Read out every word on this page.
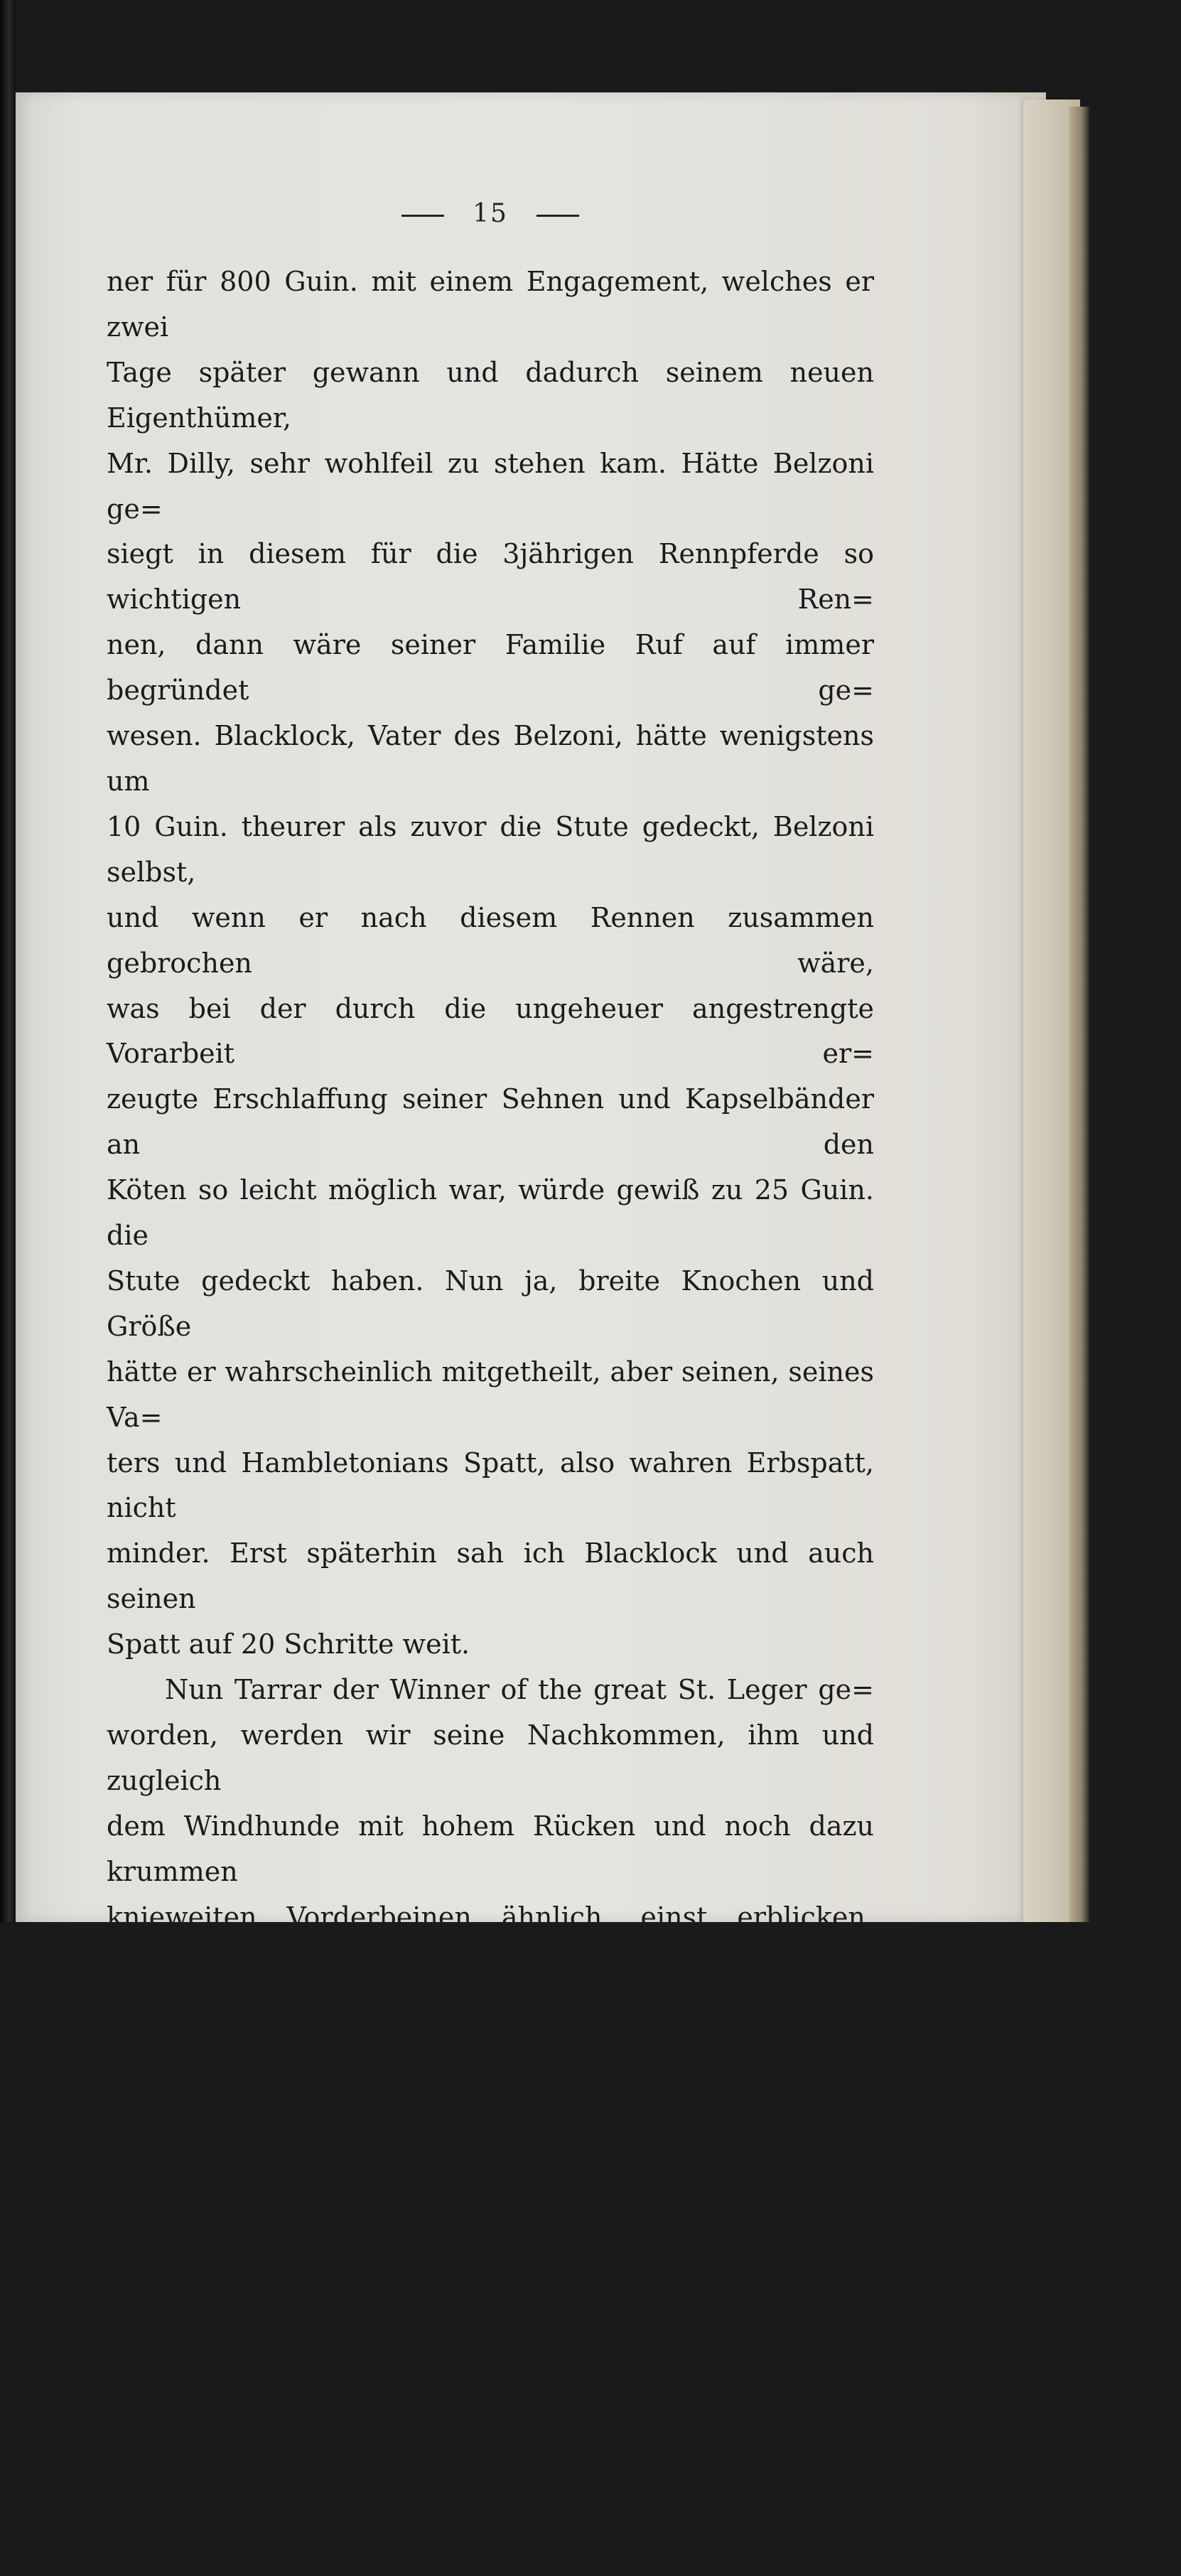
15

ner für 800 Guin. mit einem Engagement, welches er zwei

Tage später gewann und dadurch seinem neuen Eigenthümer,

Mr. Dilly, sehr wohlfeil zu stehen kam. Hätte Belzoni ge=

siegt in diesem für die 3jährigen Rennpferde so wichtigen Ren=

nen, dann wäre seiner Familie Ruf auf immer begründet ge=

wesen. Blacklock, Vater des Belzoni, hätte wenigstens um

10 Guin. theurer als zuvor die Stute gedeckt, Belzoni selbst,

und wenn er nach diesem Rennen zusammen gebrochen wäre,

was bei der durch die ungeheuer angestrengte Vorarbeit er=

zeugte Erschlaffung seiner Sehnen und Kapselbänder an den

Köten so leicht möglich war, würde gewiß zu 25 Guin. die

Stute gedeckt haben. Nun ja, breite Knochen und Größe

hätte er wahrscheinlich mitgetheilt, aber seinen, seines Va=

ters und Hambletonians Spatt, also wahren Erbspatt, nicht

minder. Erst späterhin sah ich Blacklock und auch seinen

Spatt auf 20 Schritte weit.

Nun Tarrar der Winner of the great St. Leger ge=

worden, werden wir seine Nachkommen, ihm und zugleich

dem Windhunde mit hohem Rücken und noch dazu krummen

knieweiten Vorderbeinen ähnlich, einst erblicken. Dabei hat

er so schlechte Hüfe, daß man dort bemerkte, wie nur der

durch starken Regen erweichte Renngrund seinen Lauf mög=

lich gemacht habe, denn wäre der Boden trocken und hart

gewesen, so hätte Tarrar nie gewinnen können.

So geht's nun fort und fort, mit jener einzigen Forde=

rung: — Schnelligkeit in frühster Jugend. —

Ehedem war das höchste Streben der Züchter von

Vollblutpferden in England auf den Gewinn eines Kings-
